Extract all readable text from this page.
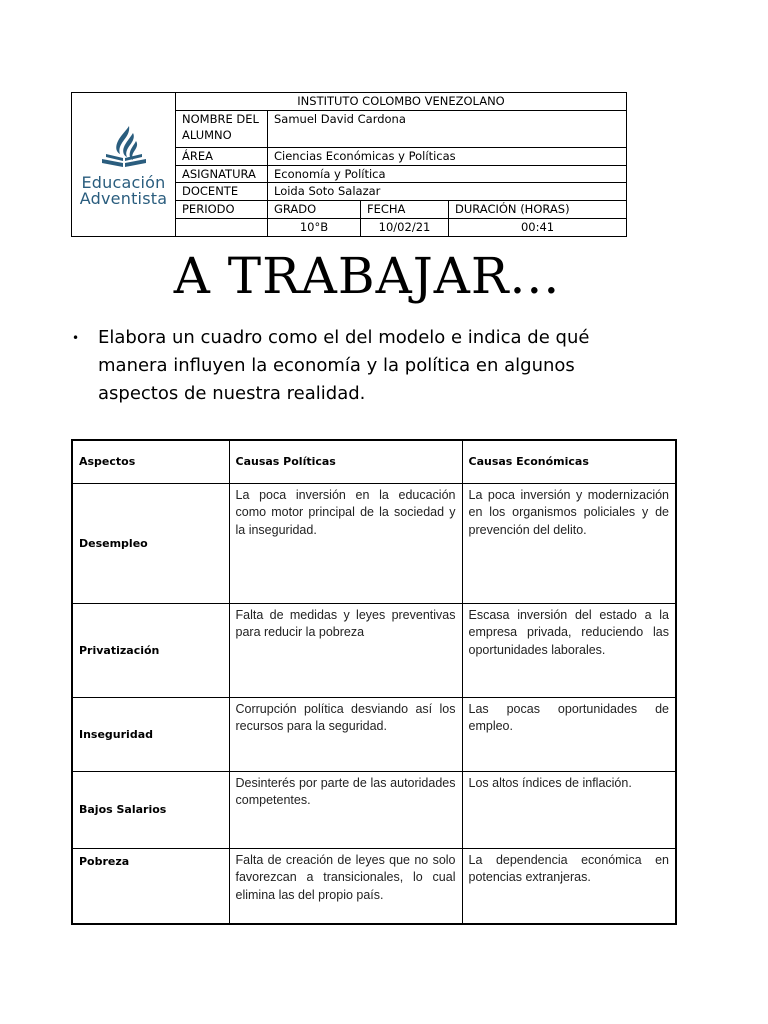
Educación
Adventista	INSTITUTO COLOMBO VENEZOLANO			
	NOMBRE DEL ALUMNO	Samuel David Cardona		
	ÁREA	Ciencias Económicas y Políticas		
	ASIGNATURA	Economía y Política		
	DOCENTE	Loida Soto Salazar		
	PERIODO	GRADO	FECHA	DURACIÓN (HORAS)
		10°B	10/02/21	00:41
A TRABAJAR...
•	Elabora un cuadro como el del modelo e indica de qué manera influyen la economía y la política en algunos aspectos de nuestra realidad.
Aspectos	Causas Políticas	Causas Económicas
Desempleo	La poca inversión en la educación como motor principal de la sociedad y la inseguridad.	La poca inversión y modernización en los organismos policiales y de prevención del delito.
Privatización	Falta de medidas y leyes preventivas para reducir la pobreza	Escasa inversión del estado a la empresa privada, reduciendo las oportunidades laborales.
Inseguridad	Corrupción política desviando así los recursos para la seguridad.	Las pocas oportunidades de empleo.
Bajos Salarios	Desinterés por parte de las autoridades competentes.	Los altos índices de inflación.
Pobreza	Falta de creación de leyes que no solo favorezcan a transicionales, lo cual elimina las del propio país.	La dependencia económica en potencias extranjeras.
